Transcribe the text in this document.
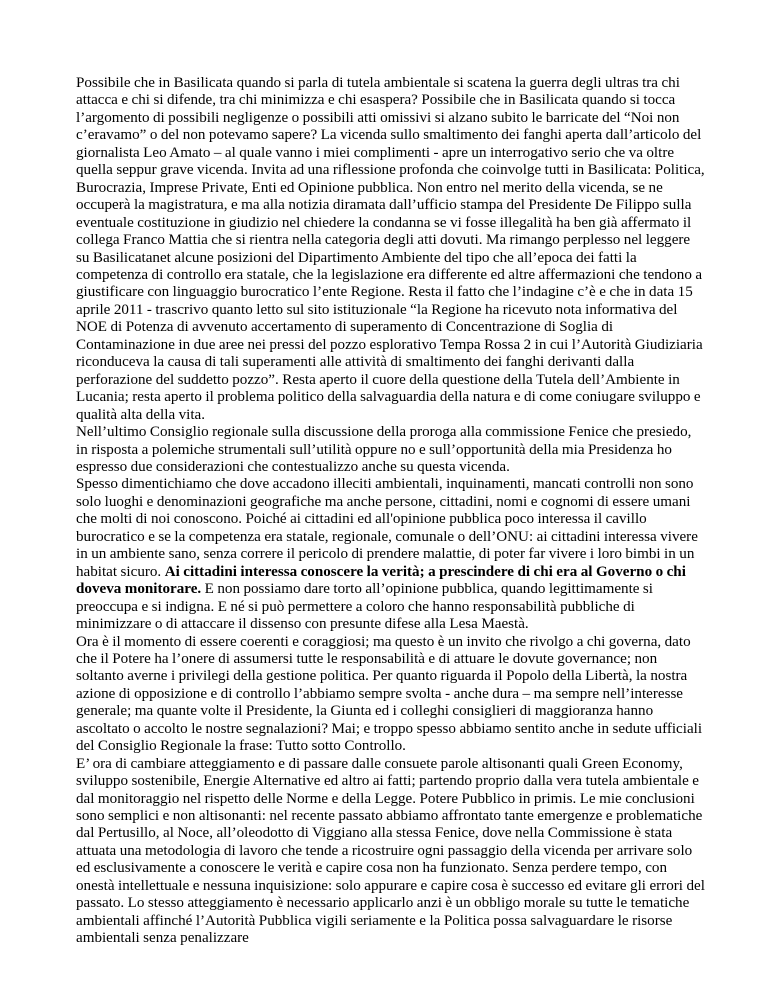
Possibile che in Basilicata quando si parla di tutela ambientale si scatena la guerra degli ultras tra chi attacca e chi si difende, tra chi minimizza e chi esaspera? Possibile che in Basilicata quando si tocca l’argomento di possibili negligenze o possibili atti omissivi si alzano subito le barricate del “Noi non c’eravamo” o del non potevamo sapere? La vicenda sullo smaltimento dei fanghi aperta dall’articolo del giornalista Leo Amato – al quale vanno i miei complimenti - apre un interrogativo serio che va oltre quella seppur grave vicenda. Invita ad una riflessione profonda che coinvolge tutti in Basilicata: Politica, Burocrazia, Imprese Private, Enti ed Opinione pubblica. Non entro nel merito della vicenda, se ne occuperà la magistratura, e ma alla notizia diramata dall’ufficio stampa del Presidente De Filippo sulla eventuale costituzione in giudizio nel chiedere la condanna se vi fosse illegalità ha ben già affermato il collega Franco Mattia che si rientra nella categoria degli atti dovuti. Ma rimango perplesso nel leggere su Basilicatanet alcune posizioni del Dipartimento Ambiente del tipo che all’epoca dei fatti la competenza di controllo era statale, che la legislazione era differente ed altre affermazioni che tendono a giustificare con linguaggio burocratico l’ente Regione. Resta il fatto che l’indagine c’è e che in data 15 aprile 2011 - trascrivo quanto letto sul sito istituzionale “la Regione ha ricevuto nota informativa del NOE di Potenza di avvenuto accertamento di superamento di Concentrazione di Soglia di Contaminazione in due aree nei pressi del pozzo esplorativo Tempa Rossa 2 in cui l’Autorità Giudiziaria riconduceva la causa di tali superamenti alle attività di smaltimento dei fanghi derivanti dalla perforazione del suddetto pozzo”. Resta aperto il cuore della questione della Tutela dell’Ambiente in Lucania; resta aperto il problema politico della salvaguardia della natura e di come coniugare sviluppo e qualità alta della vita.

Nell’ultimo Consiglio regionale sulla discussione della proroga alla commissione Fenice che presiedo, in risposta a polemiche strumentali sull’utilità oppure no e sull’opportunità della mia Presidenza ho espresso due considerazioni che contestualizzo anche su questa vicenda.

Spesso dimentichiamo che dove accadono illeciti ambientali, inquinamenti, mancati controlli non sono solo luoghi e denominazioni geografiche ma anche persone, cittadini, nomi e cognomi di essere umani che molti di noi conoscono. Poiché ai cittadini ed all'opinione pubblica poco interessa il cavillo burocratico e se la competenza era statale, regionale, comunale o dell’ONU: ai cittadini interessa vivere in un ambiente sano, senza correre il pericolo di prendere malattie, di poter far vivere i loro bimbi in un habitat sicuro. Ai cittadini interessa conoscere la verità; a prescindere di chi era al Governo o chi doveva monitorare. E non possiamo dare torto all’opinione pubblica, quando legittimamente si preoccupa e si indigna. E né si può permettere a coloro che hanno responsabilità pubbliche di minimizzare o di attaccare il dissenso con presunte difese alla Lesa Maestà.

Ora è il momento di essere coerenti e coraggiosi; ma questo è un invito che rivolgo a chi governa, dato che il Potere ha l’onere di assumersi tutte le responsabilità e di attuare le dovute governance; non soltanto averne i privilegi della gestione politica. Per quanto riguarda il Popolo della Libertà, la nostra azione di opposizione e di controllo l’abbiamo sempre svolta - anche dura – ma sempre nell’interesse generale; ma quante volte il Presidente, la Giunta ed i colleghi consiglieri di maggioranza hanno ascoltato o accolto le nostre segnalazioni? Mai; e troppo spesso abbiamo sentito anche in sedute ufficiali del Consiglio Regionale la frase: Tutto sotto Controllo.

E’ ora di cambiare atteggiamento e di passare dalle consuete parole altisonanti quali Green Economy, sviluppo sostenibile, Energie Alternative ed altro ai fatti; partendo proprio dalla vera tutela ambientale e dal monitoraggio nel rispetto delle Norme e della Legge. Potere Pubblico in primis. Le mie conclusioni sono semplici e non altisonanti: nel recente passato abbiamo affrontato tante emergenze e problematiche dal Pertusillo, al Noce, all’oleodotto di Viggiano alla stessa Fenice, dove nella Commissione è stata attuata una metodologia di lavoro che tende a ricostruire ogni passaggio della vicenda per arrivare solo ed esclusivamente a conoscere le verità e capire cosa non ha funzionato. Senza perdere tempo, con onestà intellettuale e nessuna inquisizione: solo appurare e capire cosa è successo ed evitare gli errori del passato. Lo stesso atteggiamento è necessario applicarlo anzi è un obbligo morale su tutte le tematiche ambientali affinché l’Autorità Pubblica vigili seriamente e la Politica possa salvaguardare le risorse ambientali senza penalizzare
